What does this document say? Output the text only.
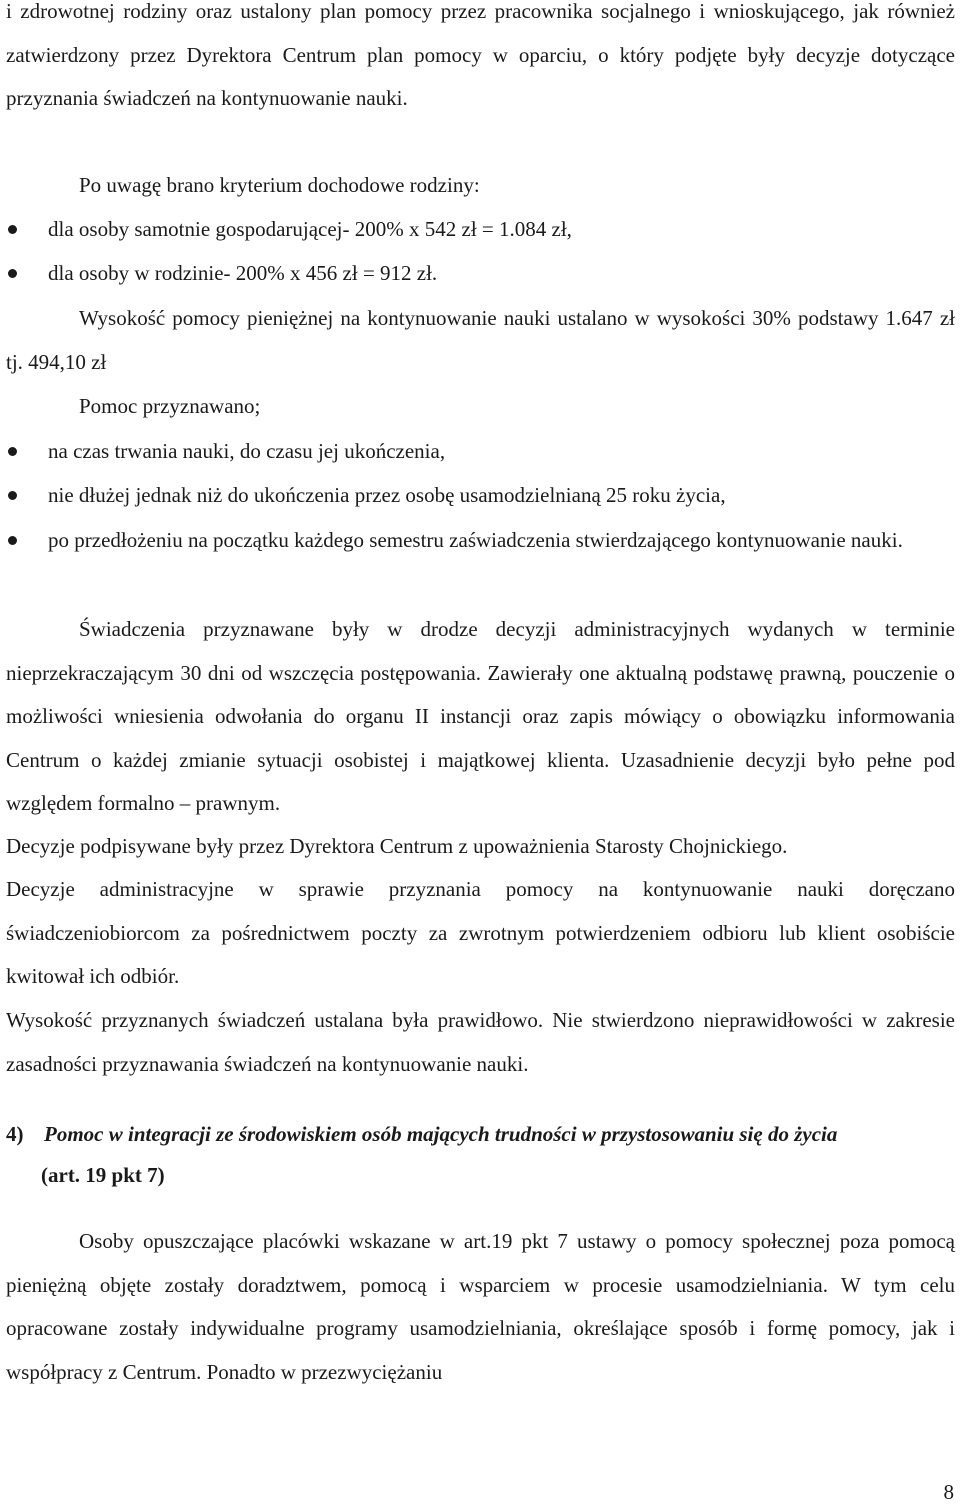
i zdrowotnej rodziny oraz ustalony plan pomocy przez pracownika socjalnego i wnioskującego, jak również zatwierdzony przez Dyrektora Centrum plan pomocy w oparciu, o który podjęte były decyzje dotyczące przyznania świadczeń na kontynuowanie nauki.

Po uwagę brano kryterium dochodowe rodziny:

dla osoby samotnie gospodarującej- 200% x 542 zł = 1.084 zł,
dla osoby w rodzinie- 200% x 456 zł = 912 zł.

Wysokość pomocy pieniężnej na kontynuowanie nauki ustalano w wysokości 30% podstawy 1.647 zł tj. 494,10 zł

Pomoc przyznawano;

na czas trwania nauki, do czasu jej ukończenia,
nie dłużej jednak niż do ukończenia przez osobę usamodzielnianą 25 roku życia,
po przedłożeniu na początku każdego semestru zaświadczenia stwierdzającego kontynuowanie nauki.

Świadczenia przyznawane były w drodze decyzji administracyjnych wydanych w terminie nieprzekraczającym 30 dni od wszczęcia postępowania. Zawierały one aktualną podstawę prawną, pouczenie o możliwości wniesienia odwołania do organu II instancji oraz zapis mówiący o obowiązku informowania Centrum o każdej zmianie sytuacji osobistej i majątkowej klienta. Uzasadnienie decyzji było pełne pod względem formalno – prawnym.

Decyzje podpisywane były przez Dyrektora Centrum z upoważnienia Starosty Chojnickiego.

Decyzje administracyjne w sprawie przyznania pomocy na kontynuowanie nauki doręczano świadczeniobiorcom za pośrednictwem poczty za zwrotnym potwierdzeniem odbioru lub klient osobiście kwitował ich odbiór.

Wysokość przyznanych świadczeń ustalana była prawidłowo. Nie stwierdzono nieprawidłowości w zakresie zasadności przyznawania świadczeń na kontynuowanie nauki.

4) Pomoc w integracji ze środowiskiem osób mających trudności w przystosowaniu się do życia
(art. 19 pkt 7)

Osoby opuszczające placówki wskazane w art.19 pkt 7 ustawy o pomocy społecznej poza pomocą pieniężną objęte zostały doradztwem, pomocą i wsparciem w procesie usamodzielniania. W tym celu opracowane zostały indywidualne programy usamodzielniania, określające sposób i formę pomocy, jak i współpracy z Centrum. Ponadto w przezwyciężaniu

8
